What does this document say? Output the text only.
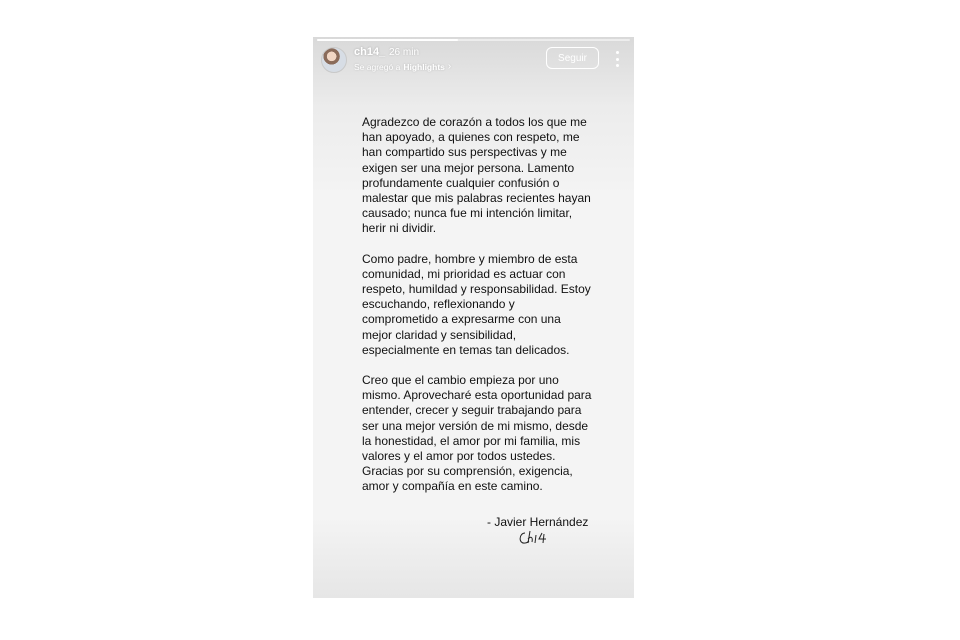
ch14_ 26 min
Se agregó a Highlights ›
Seguir

Agradezco de corazón a todos los que me han apoyado, a quienes con respeto, me han compartido sus perspectivas y me exigen ser una mejor persona. Lamento profundamente cualquier confusión o malestar que mis palabras recientes hayan causado; nunca fue mi intención limitar, herir ni dividir.

Como padre, hombre y miembro de esta comunidad, mi prioridad es actuar con respeto, humildad y responsabilidad. Estoy escuchando, reflexionando y comprometido a expresarme con una mejor claridad y sensibilidad, especialmente en temas tan delicados.

Creo que el cambio empieza por uno mismo. Aprovecharé esta oportunidad para entender, crecer y seguir trabajando para ser una mejor versión de mi mismo, desde la honestidad, el amor por mi familia, mis valores y el amor por todos ustedes. Gracias por su comprensión, exigencia, amor y compañía en este camino.

- Javier Hernández
